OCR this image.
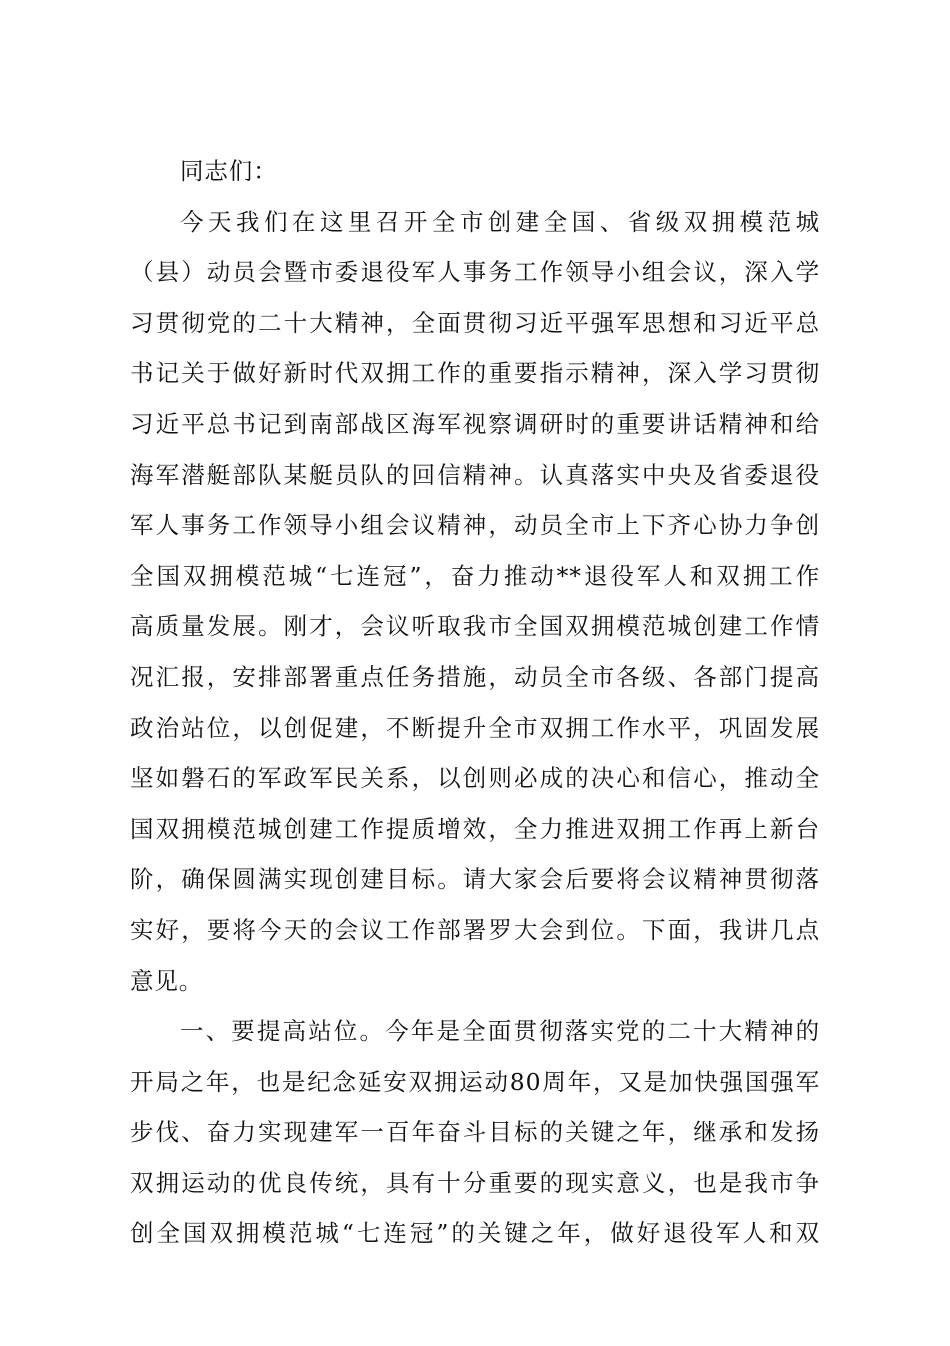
同志们：
今天我们在这里召开全市创建全国、省级双拥模范城
（县）动员会暨市委退役军人事务工作领导小组会议，深入学
习贯彻党的二十大精神，全面贯彻习近平强军思想和习近平总
书记关于做好新时代双拥工作的重要指示精神，深入学习贯彻
习近平总书记到南部战区海军视察调研时的重要讲话精神和给
海军潜艇部队某艇员队的回信精神。认真落实中央及省委退役
军人事务工作领导小组会议精神，动员全市上下齐心协力争创
全国双拥模范城“七连冠”，奋力推动**退役军人和双拥工作
高质量发展。刚才，会议听取我市全国双拥模范城创建工作情
况汇报，安排部署重点任务措施，动员全市各级、各部门提高
政治站位，以创促建，不断提升全市双拥工作水平，巩固发展
坚如磐石的军政军民关系，以创则必成的决心和信心，推动全
国双拥模范城创建工作提质增效，全力推进双拥工作再上新台
阶，确保圆满实现创建目标。请大家会后要将会议精神贯彻落
实好，要将今天的会议工作部署罗大会到位。下面，我讲几点
意见。
一、要提高站位。今年是全面贯彻落实党的二十大精神的
开局之年，也是纪念延安双拥运动80周年，又是加快强国强军
步伐、奋力实现建军一百年奋斗目标的关键之年，继承和发扬
双拥运动的优良传统，具有十分重要的现实意义，也是我市争
创全国双拥模范城“七连冠”的关键之年，做好退役军人和双
